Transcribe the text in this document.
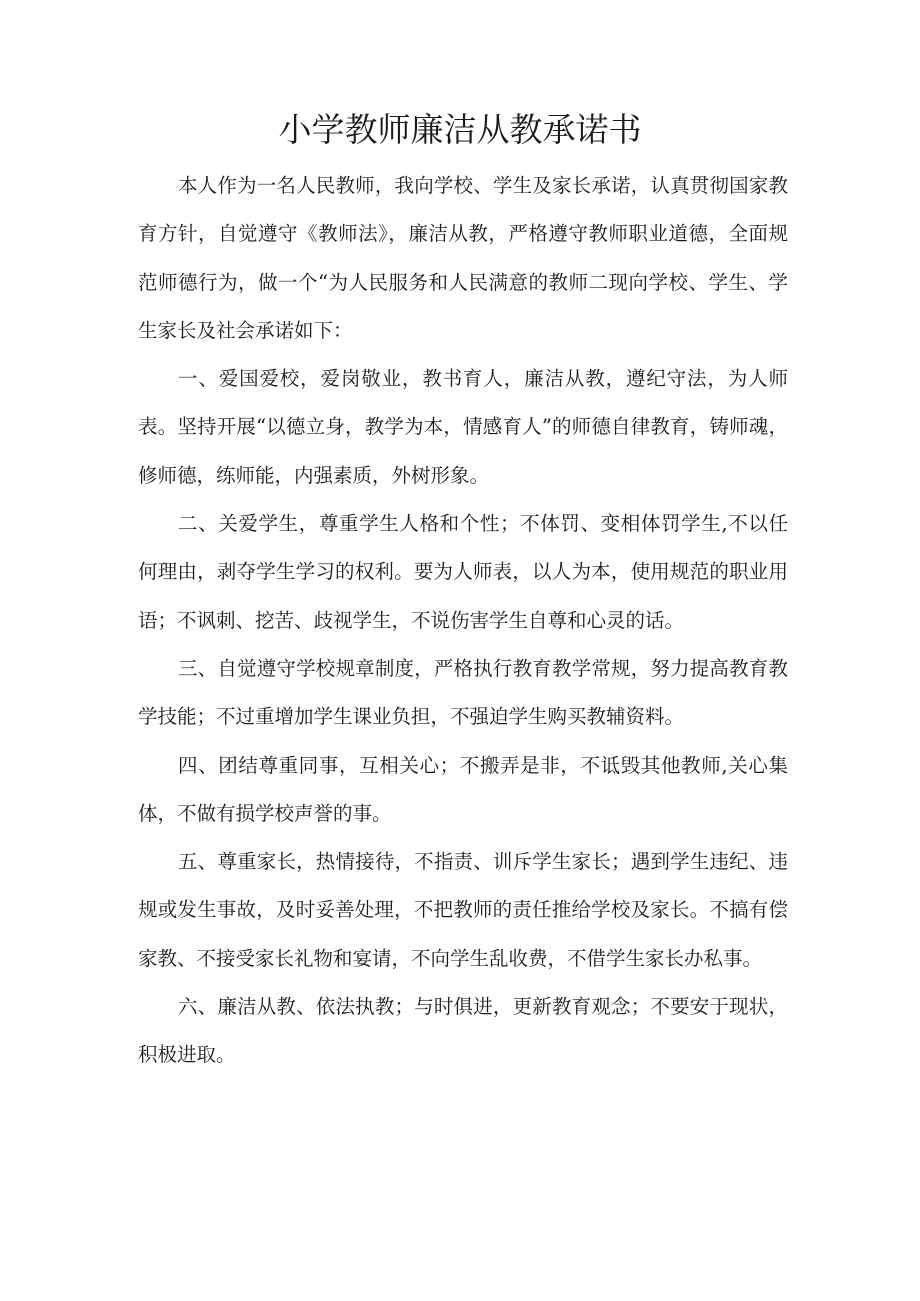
小学教师廉洁从教承诺书

本人作为一名人民教师，我向学校、学生及家长承诺，认真贯彻国家教育方针，自觉遵守《教师法》，廉洁从教，严格遵守教师职业道德，全面规范师德行为，做一个“为人民服务和人民满意的教师二现向学校、学生、学生家长及社会承诺如下：

一、爱国爱校，爱岗敬业，教书育人，廉洁从教，遵纪守法，为人师表。坚持开展“以德立身，教学为本，情感育人”的师德自律教育，铸师魂，修师德，练师能，内强素质，外树形象。

二、关爱学生，尊重学生人格和个性；不体罚、变相体罚学生,不以任何理由，剥夺学生学习的权利。要为人师表，以人为本，使用规范的职业用语；不讽刺、挖苦、歧视学生，不说伤害学生自尊和心灵的话。

三、自觉遵守学校规章制度，严格执行教育教学常规，努力提高教育教学技能；不过重增加学生课业负担，不强迫学生购买教辅资料。

四、团结尊重同事，互相关心；不搬弄是非，不诋毁其他教师,关心集体，不做有损学校声誉的事。

五、尊重家长，热情接待，不指责、训斥学生家长；遇到学生违纪、违规或发生事故，及时妥善处理，不把教师的责任推给学校及家长。不搞有偿家教、不接受家长礼物和宴请，不向学生乱收费，不借学生家长办私事。

六、廉洁从教、依法执教；与时俱进，更新教育观念；不要安于现状，积极进取。
